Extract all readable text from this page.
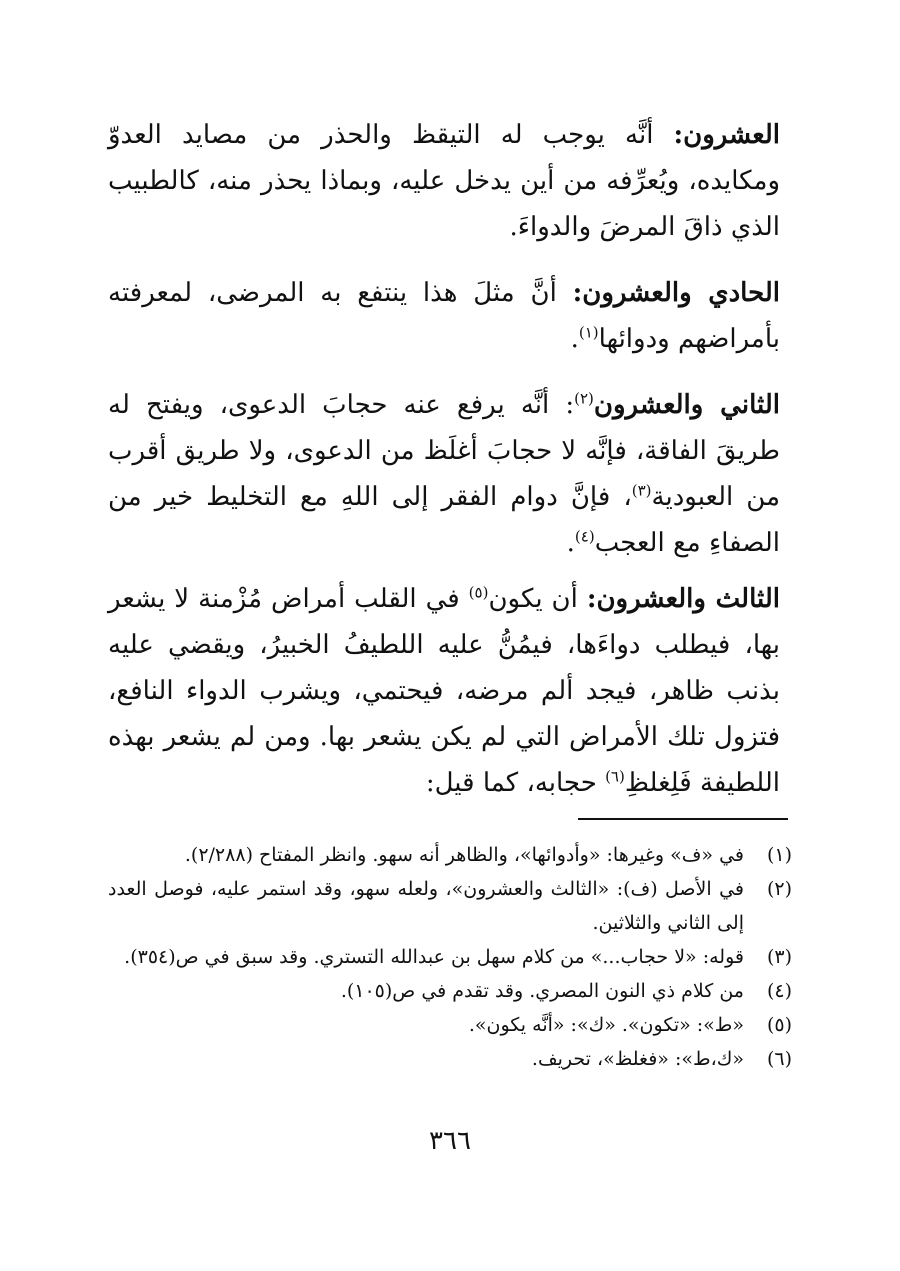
العشرون: أنَّه يوجب له التيقظ والحذر من مصايد العدوّ ومكايده، ويُعرِّفه من أين يدخل عليه، وبماذا يحذر منه، كالطبيب الذي ذاقَ المرضَ والدواءَ.

الحادي والعشرون: أنَّ مثلَ هذا ينتفع به المرضى، لمعرفته بأمراضهم ودوائها$^{(١)}$.

الثاني والعشرون$^{(٢)}$: أنَّه يرفع عنه حجابَ الدعوى، ويفتح له طريقَ الفاقة، فإنَّه لا حجابَ أغلَظ من الدعوى، ولا طريق أقرب من العبودية$^{(٣)}$، فإنَّ دوام الفقر إلى اللهِ مع التخليط خير من الصفاءِ مع العجب$^{(٤)}$.

الثالث والعشرون: أن يكون$^{(٥)}$ في القلب أمراض مُزْمنة لا يشعر بها، فيطلب دواءَها، فيمُنُّ عليه اللطيفُ الخبيرُ، ويقضي عليه بذنب ظاهر، فيجد ألم مرضه، فيحتمي، ويشرب الدواء النافع، فتزول تلك الأمراض التي لم يكن يشعر بها. ومن لم يشعر بهذه اللطيفة فَلِغلظِ$^{(٦)}$ حجابه، كما قيل:

(١)
في «ف» وغيرها: «وأدوائها»، والظاهر أنه سهو. وانظر المفتاح (٢/٢٨٨).
(٢)
في الأصل (ف): «الثالث والعشرون»، ولعله سهو، وقد استمر عليه، فوصل العدد إلى الثاني والثلاثين.
(٣)
قوله: «لا حجاب...» من كلام سهل بن عبدالله التستري. وقد سبق في ص(٣٥٤).
(٤)
من كلام ذي النون المصري. وقد تقدم في ص(١٠٥).
(٥)
«ط»: «تكون». «ك»: «أنَّه يكون».
(٦)
«ك،ط»: «فغلظ»، تحريف.
٣٦٦
